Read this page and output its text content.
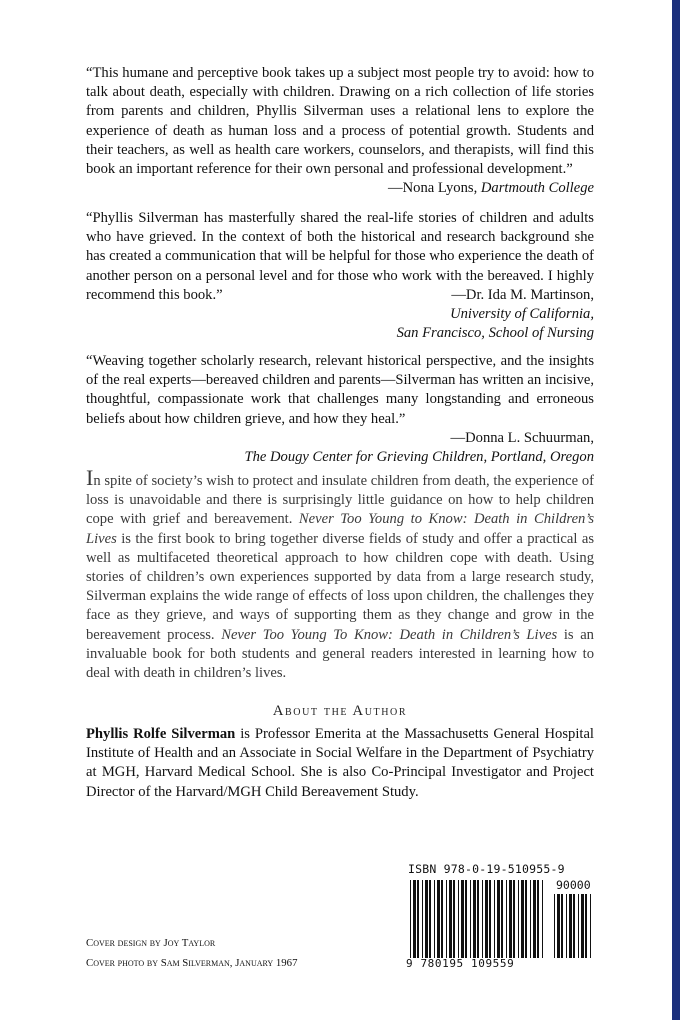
“This humane and perceptive book takes up a subject most people try to avoid: how to talk about death, especially with children. Drawing on a rich collection of life stories from parents and children, Phyllis Silverman uses a relational lens to explore the experience of death as human loss and a process of potential growth. Students and their teachers, as well as health care workers, counselors, and therapists, will find this book an important reference for their own personal and professional development.”

—Nona Lyons, Dartmouth College

“Phyllis Silverman has masterfully shared the real-life stories of children and adults who have grieved. In the context of both the historical and research background she has created a communication that will be helpful for those who experience the death of another person on a personal level and for those who work with the bereaved. I highly recommend this book.”	—Dr. Ida M. Martinson,

University of California,

San Francisco, School of Nursing

“Weaving together scholarly research, relevant historical perspective, and the insights of the real experts—bereaved children and parents—Silverman has written an incisive, thoughtful, compassionate work that challenges many longstanding and erroneous beliefs about how children grieve, and how they heal.”

—Donna L. Schuurman,

The Dougy Center for Grieving Children, Portland, Oregon

In spite of society’s wish to protect and insulate children from death, the experience of loss is unavoidable and there is surprisingly little guidance on how to help children cope with grief and bereavement. Never Too Young to Know: Death in Children’s Lives is the first book to bring together diverse fields of study and offer a practical as well as multifaceted theoretical approach to how children cope with death. Using stories of children’s own experiences supported by data from a large research study, Silverman explains the wide range of effects of loss upon children, the challenges they face as they grieve, and ways of supporting them as they change and grow in the bereavement process. Never Too Young To Know: Death in Children’s Lives is an invaluable book for both students and general readers interested in learning how to deal with death in children’s lives.

About the Author

Phyllis Rolfe Silverman is Professor Emerita at the Massachusetts General Hospital Institute of Health and an Associate in Social Welfare in the Department of Psychiatry at MGH, Harvard Medical School. She is also Co-Principal Investigator and Project Director of the Harvard/MGH Child Bereavement Study.

ISBN 978-0-19-510955-9
90000
9 780195 109559
Cover design by Joy Taylor
Cover photo by Sam Silverman, January 1967
